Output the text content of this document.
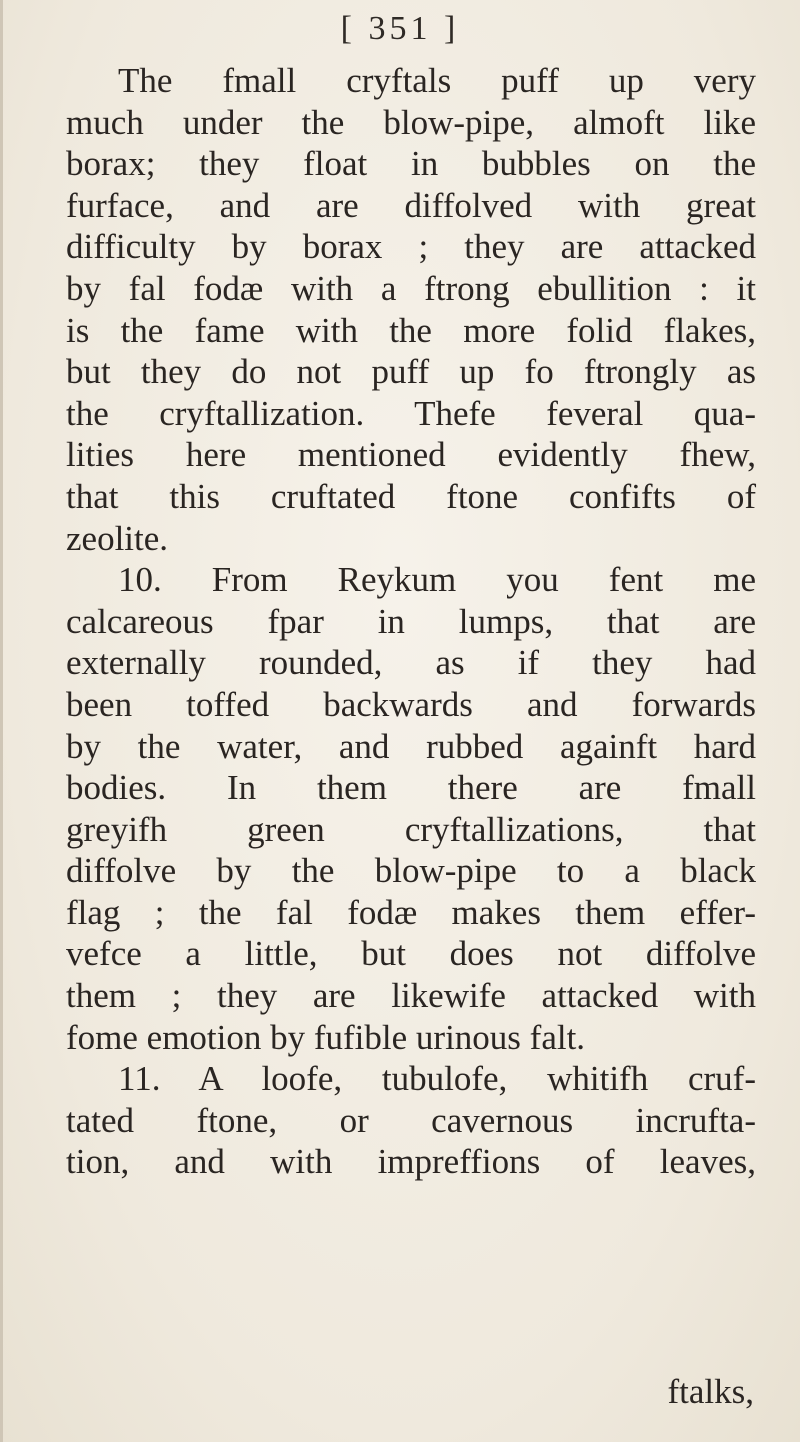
[ 351 ]
The fmall cryftals puff up very
much under the blow-pipe, almoft like
borax; they float in bubbles on the
furface, and are diffolved with great
difficulty by borax ; they are attacked
by fal fodæ with a ftrong ebullition : it
is the fame with the more folid flakes,
but they do not puff up fo ftrongly as
the cryftallization. Thefe feveral qua-
lities here mentioned evidently fhew,
that this cruftated ftone confifts of
zeolite.
10. From Reykum you fent me
calcareous fpar in lumps, that are
externally rounded, as if they had
been toffed backwards and forwards
by the water, and rubbed againft hard
bodies. In them there are fmall
greyifh green cryftallizations, that
diffolve by the blow-pipe to a black
flag ; the fal fodæ makes them effer-
vefce a little, but does not diffolve
them ; they are likewife attacked with
fome emotion by fufible urinous falt.
11. A loofe, tubulofe, whitifh cruf-
tated ftone, or cavernous incrufta-
tion, and with impreffions of leaves,
ftalks,
